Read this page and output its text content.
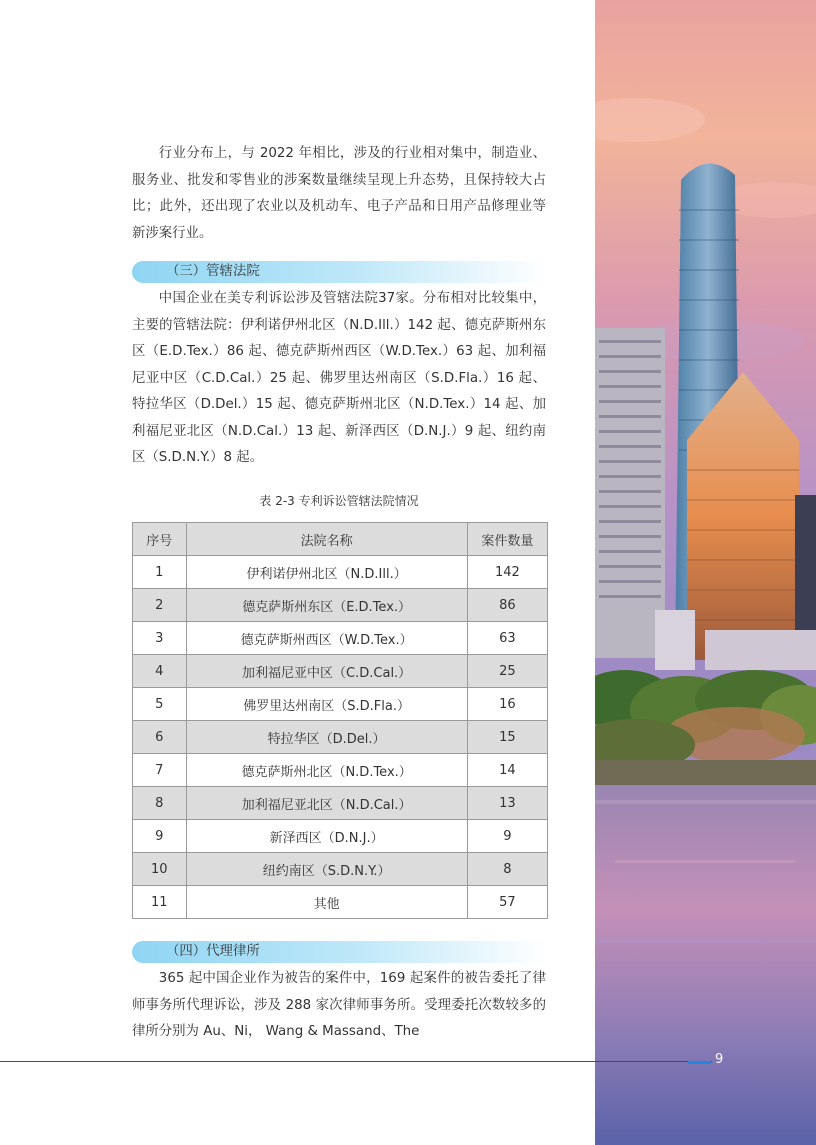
行业分布上，与 2022 年相比，涉及的行业相对集中，制造业、服务业、批发和零售业的涉案数量继续呈现上升态势，且保持较大占比；此外，还出现了农业以及机动车、电子产品和日用产品修理业等新涉案行业。

（三）管辖法院

中国企业在美专利诉讼涉及管辖法院37家。分布相对比较集中，主要的管辖法院：伊利诺伊州北区（N.D.Ill.）142 起、德克萨斯州东区（E.D.Tex.）86 起、德克萨斯州西区（W.D.Tex.）63 起、加利福尼亚中区（C.D.Cal.）25 起、佛罗里达州南区（S.D.Fla.）16 起、特拉华区（D.Del.）15 起、德克萨斯州北区（N.D.Tex.）14 起、加利福尼亚北区（N.D.Cal.）13 起、新泽西区（D.N.J.）9 起、纽约南区（S.D.N.Y.）8 起。

表 2-3 专利诉讼管辖法院情况
序号	法院名称	案件数量
1	伊利诺伊州北区（N.D.Ill.）	142
2	德克萨斯州东区（E.D.Tex.）	86
3	德克萨斯州西区（W.D.Tex.）	63
4	加利福尼亚中区（C.D.Cal.）	25
5	佛罗里达州南区（S.D.Fla.）	16
6	特拉华区（D.Del.）	15
7	德克萨斯州北区（N.D.Tex.）	14
8	加利福尼亚北区（N.D.Cal.）	13
9	新泽西区（D.N.J.）	9
10	纽约南区（S.D.N.Y.）	8
11	其他	57
（四）代理律所

365 起中国企业作为被告的案件中，169 起案件的被告委托了律师事务所代理诉讼，涉及 288 家次律师事务所。受理委托次数较多的律所分别为 Au、Ni， Wang & Massand、The

9
